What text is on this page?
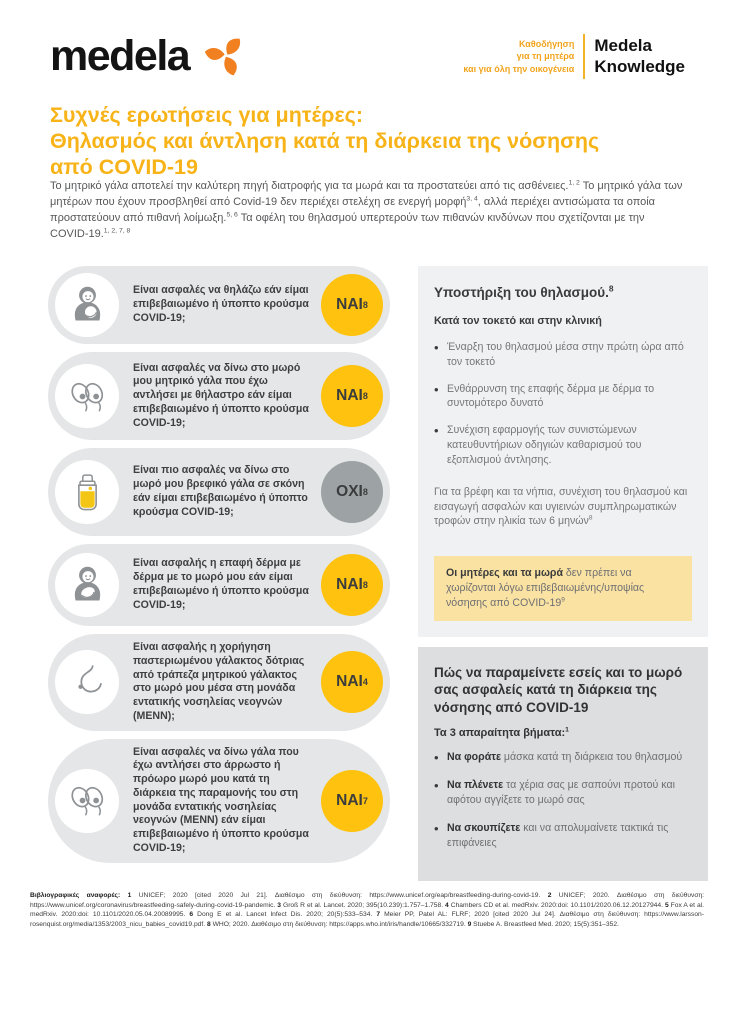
medela	Καθοδήγηση
για τη μητέρα
και για όλη την οικογένεια
Medela
Knowledge
Συχνές ερωτήσεις για μητέρες:
Θηλασμός και άντληση κατά τη διάρκεια της νόσησης
από COVID-19

Το μητρικό γάλα αποτελεί την καλύτερη πηγή διατροφής για τα μωρά και τα προστατεύει από τις ασθένειες.$^{1, 2}$ Το μητρικό γάλα των μητέρων που έχουν προσβληθεί από Covid-19 δεν περιέχει στελέχη σε ενεργή μορφή$^{3, 4}$, αλλά περιέχει αντισώματα τα οποία προστατεύουν από πιθανή λοίμωξη.$^{5, 6}$ Τα οφέλη του θηλασμού υπερτερούν των πιθανών κινδύνων που σχετίζονται με την COVID-19.$^{1, 2, 7, 8}$

Είναι ασφαλές να θηλάζω εάν είμαι επιβεβαιωμένο ή ύποπτο κρούσμα COVID-19;
ΝΑΙ 8
Είναι ασφαλές να δίνω στο μωρό μου μητρικό γάλα που έχω αντλήσει με θήλαστρο εάν είμαι επιβεβαιωμένο ή ύποπτο κρούσμα COVID-19;
ΝΑΙ 8
Είναι πιο ασφαλές να δίνω στο μωρό μου βρεφικό γάλα σε σκόνη εάν είμαι επιβεβαιωμένο ή ύποπτο κρούσμα COVID-19;
ΟΧΙ 8
Είναι ασφαλής η επαφή δέρμα με δέρμα με το μωρό μου εάν είμαι επιβεβαιωμένο ή ύποπτο κρούσμα COVID-19;
ΝΑΙ 8
Είναι ασφαλής η χορήγηση παστεριωμένου γάλακτος δότριας από τράπεζα μητρικού γάλακτος στο μωρό μου μέσα στη μονάδα εντατικής νοσηλείας νεογνών (ΜΕΝΝ);
ΝΑΙ 4
Είναι ασφαλές να δίνω γάλα που έχω αντλήσει στο άρρωστο ή πρόωρο μωρό μου κατά τη διάρκεια της παραμονής του στη μονάδα εντατικής νοσηλείας νεογνών (ΜΕΝΝ) εάν είμαι επιβεβαιωμένο ή ύποπτο κρούσμα COVID-19;
ΝΑΙ 7
Υποστήριξη του θηλασμού.$^8$

Κατά τον τοκετό και στην κλινική

• Έναρξη του θηλασμού μέσα στην πρώτη ώρα από τον τοκετό
• Ενθάρρυνση της επαφής δέρμα με δέρμα το συντομότερο δυνατό
• Συνέχιση εφαρμογής των συνιστώμενων κατευθυντήριων οδηγιών καθαρισμού του εξοπλισμού άντλησης.

Για τα βρέφη και τα νήπια, συνέχιση του θηλασμού και εισαγωγή ασφαλών και υγιεινών συμπληρωματικών τροφών στην ηλικία των 6 μηνών$^8$

Οι μητέρες και τα μωρά δεν πρέπει να χωρίζονται λόγω επιβεβαιωμένης/υποψίας νόσησης από COVID-$19^9$
Πώς να παραμείνετε εσείς και το μωρό σας ασφαλείς κατά τη διάρκεια της νόσησης από COVID-19

Τα 3 απαραίτητα βήματα:$^1$

• Να φοράτε μάσκα κατά τη διάρκεια του θηλασμού
• Να πλένετε τα χέρια σας με σαπούνι προτού και αφότου αγγίξετε το μωρό σας
• Να σκουπίζετε και να απολυμαίνετε τακτικά τις επιφάνειες

Βιβλιογραφικές αναφορές: 1 UNICEF; 2020 [cited 2020 Jul 21]. Διαθέσιμο στη διεύθυνση: https://www.unicef.org/eap/breastfeeding-during-covid-19. 2 UNICEF; 2020. Διαθέσιμο στη διεύθυνση: https://www.unicef.org/coronavirus/breastfeeding-safely-during-covid-19-pandemic. 3 Groß R et al. Lancet. 2020; 395(10.239):1.757–1.758. 4 Chambers CD et al. medRxiv. 2020:doi: 10.1101/2020.06.12.20127944. 5 Fox A et al. medRxiv. 2020:doi: 10.1101/2020.05.04.20089995. 6 Dong E et al. Lancet Infect Dis. 2020; 20(5):533–534. 7 Meier PP, Patel AL: FLRF; 2020 [cited 2020 Jul 24]. Διαθέσιμο στη διεύθυνση: https://www.larsson-rosenquist.org/media/1353/2003_nicu_babies_covid19.pdf. 8 WHO; 2020. Διαθέσιμο στη διεύθυνση: https://apps.who.int/iris/handle/10665/332719. 9 Stuebe A. Breastfeed Med. 2020; 15(5):351–352.
